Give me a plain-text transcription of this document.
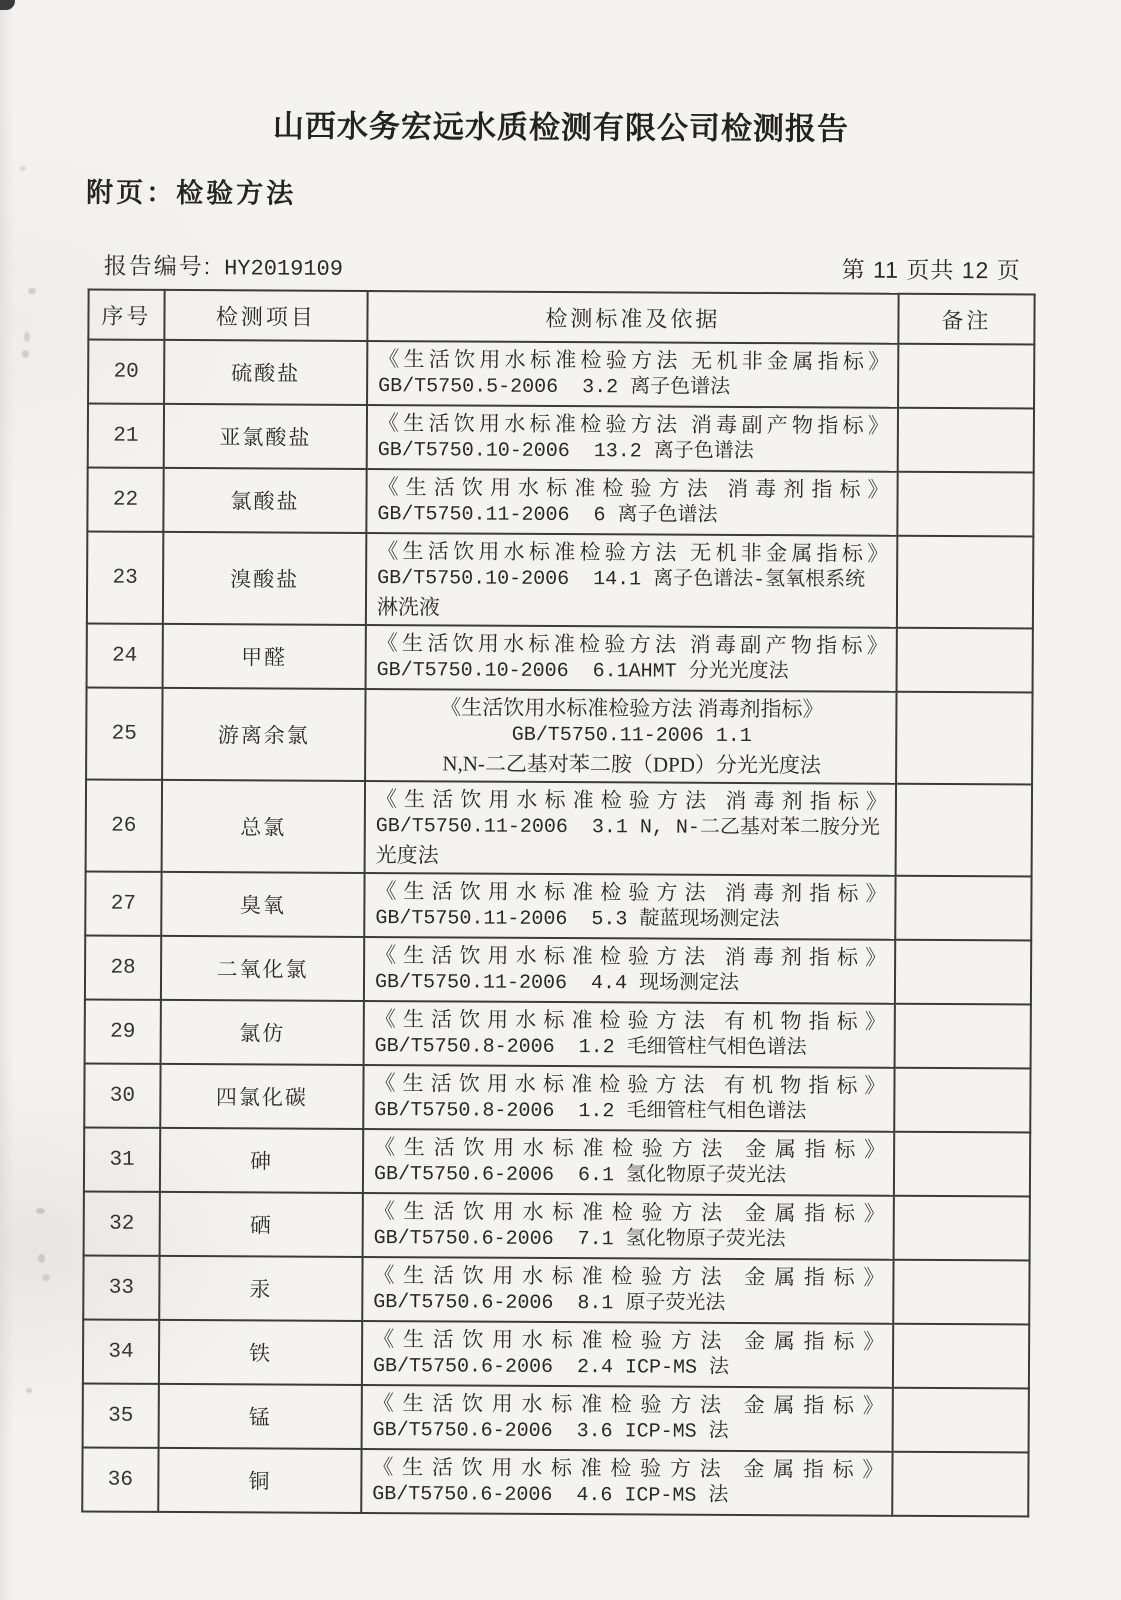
山西水务宏远水质检测有限公司检测报告
附页：检验方法
报告编号: HY2019109	第 11 页共 12 页
序号	检测项目	检测标准及依据	备注
20	硫酸盐	《生活饮用水标准检验方法 无机非金属指标》
GB/T5750.5-2006  3.2 离子色谱法	

21	亚氯酸盐	《生活饮用水标准检验方法 消毒副产物指标》
GB/T5750.10-2006  13.2 离子色谱法	

22	氯酸盐	《生活饮用水标准检验方法 消毒剂指标》
GB/T5750.11-2006  6 离子色谱法	

23	溴酸盐	《生活饮用水标准检验方法 无机非金属指标》
GB/T5750.10-2006  14.1 离子色谱法-氢氧根系统
淋洗液	

24	甲醛	《生活饮用水标准检验方法 消毒副产物指标》
GB/T5750.10-2006  6.1AHMT 分光光度法	

25	游离余氯	《生活饮用水标准检验方法 消毒剂指标》
GB/T5750.11-2006 1.1
N,N-二乙基对苯二胺（DPD）分光光度法	

26	总氯	《生活饮用水标准检验方法 消毒剂指标》
GB/T5750.11-2006  3.1 N, N-二乙基对苯二胺分光
光度法	

27	臭氧	《生活饮用水标准检验方法 消毒剂指标》
GB/T5750.11-2006  5.3 靛蓝现场测定法	

28	二氧化氯	《生活饮用水标准检验方法 消毒剂指标》
GB/T5750.11-2006  4.4 现场测定法	

29	氯仿	《生活饮用水标准检验方法 有机物指标》
GB/T5750.8-2006  1.2 毛细管柱气相色谱法	

30	四氯化碳	《生活饮用水标准检验方法 有机物指标》
GB/T5750.8-2006  1.2 毛细管柱气相色谱法	

31	砷	《生活饮用水标准检验方法 金属指标》
GB/T5750.6-2006  6.1 氢化物原子荧光法	

32	硒	《生活饮用水标准检验方法 金属指标》
GB/T5750.6-2006  7.1 氢化物原子荧光法	

33	汞	《生活饮用水标准检验方法 金属指标》
GB/T5750.6-2006  8.1 原子荧光法	

34	铁	《生活饮用水标准检验方法 金属指标》
GB/T5750.6-2006  2.4 ICP-MS 法	

35	锰	《生活饮用水标准检验方法 金属指标》
GB/T5750.6-2006  3.6 ICP-MS 法	

36	铜	《生活饮用水标准检验方法 金属指标》
GB/T5750.6-2006  4.6 ICP-MS 法	
